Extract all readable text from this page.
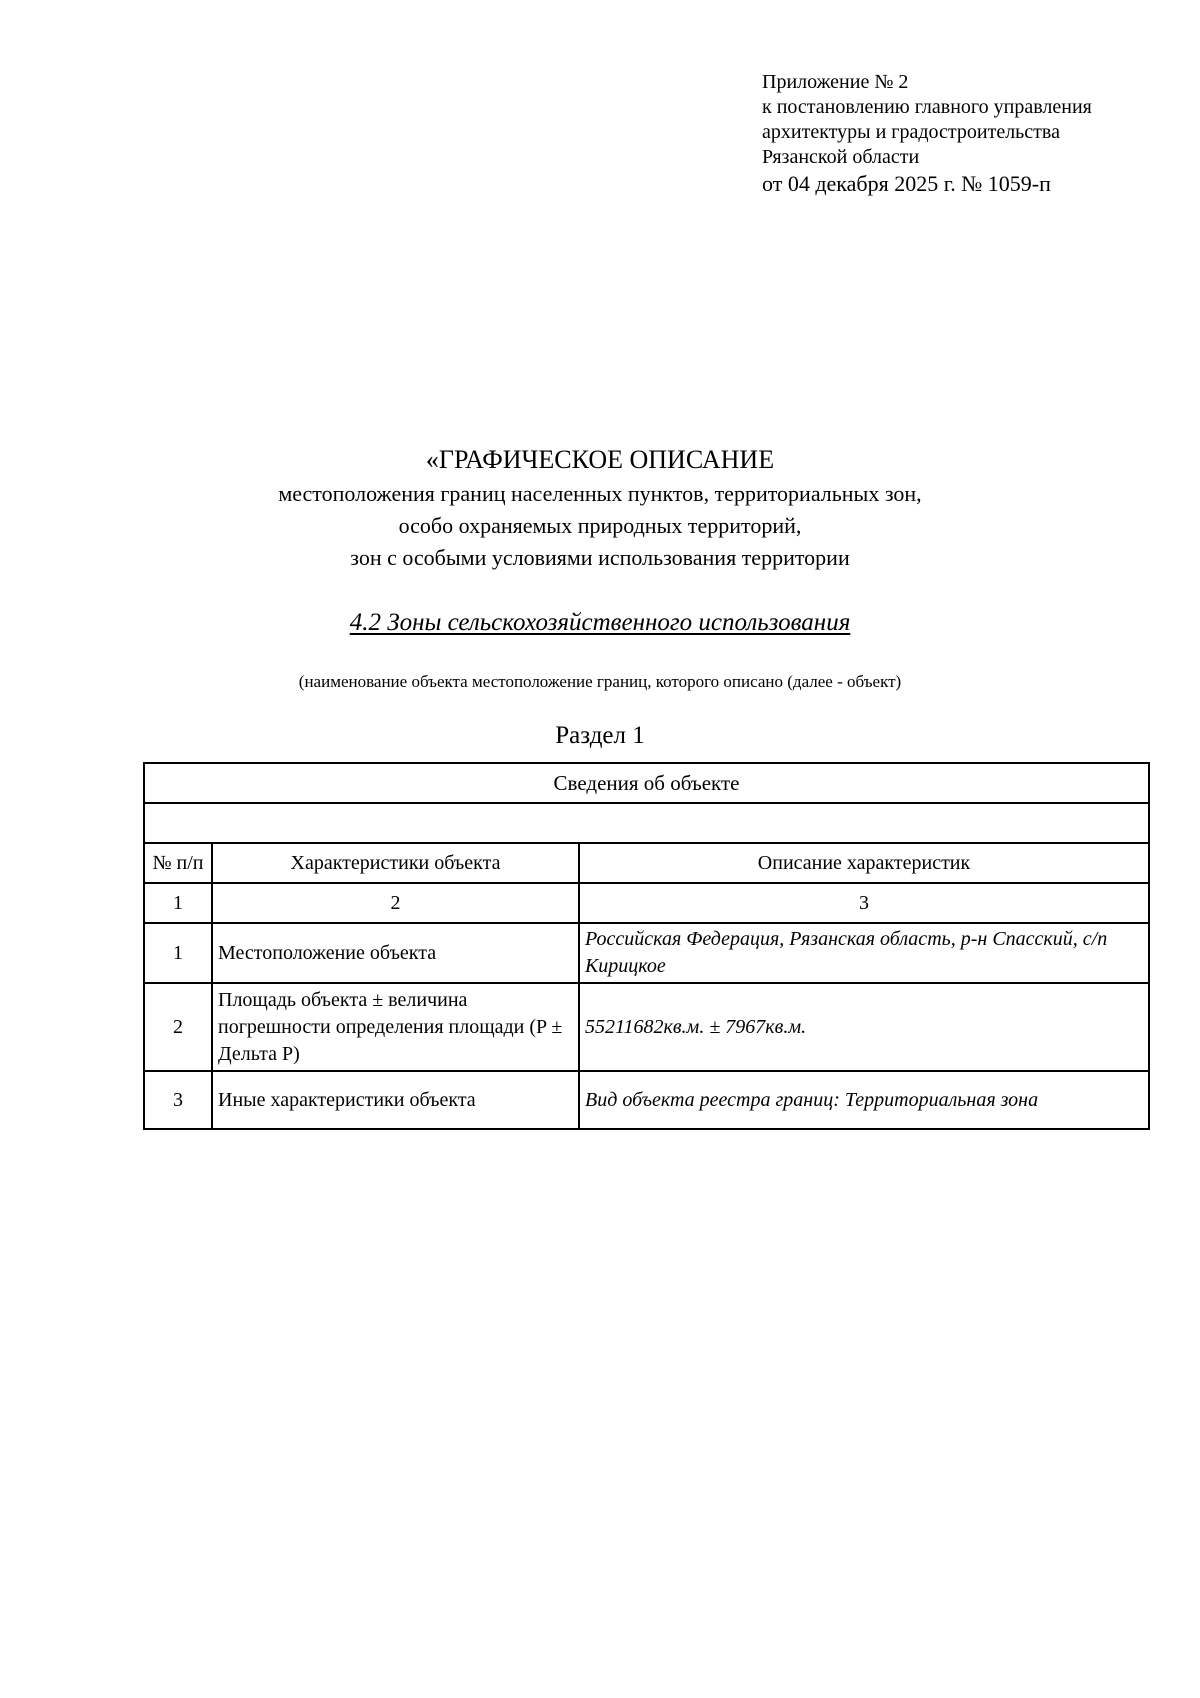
Приложение № 2
к постановлению главного управления
архитектуры и градостроительства
Рязанской области
от 04 декабря 2025 г. № 1059-п
«ГРАФИЧЕСКОЕ ОПИСАНИЕ
местоположения границ населенных пунктов, территориальных зон,
особо охраняемых природных территорий,
зон с особыми условиями использования территории
4.2 Зоны сельскохозяйственного использования
(наименование объекта местоположение границ, которого описано (далее - объект)
Раздел 1
Сведения об объекте		

№ п/п	Характеристики объекта	Описание характеристик
1	2	3
1	Местоположение объекта	Российская Федерация, Рязанская область, р-н Спасский, с/п Кирицкое
2	Площадь объекта ± величина погрешности определения площади (P ± Дельта P)	55211682кв.м. ± 7967кв.м.
3	Иные характеристики объекта	Вид объекта реестра границ: Территориальная зона
